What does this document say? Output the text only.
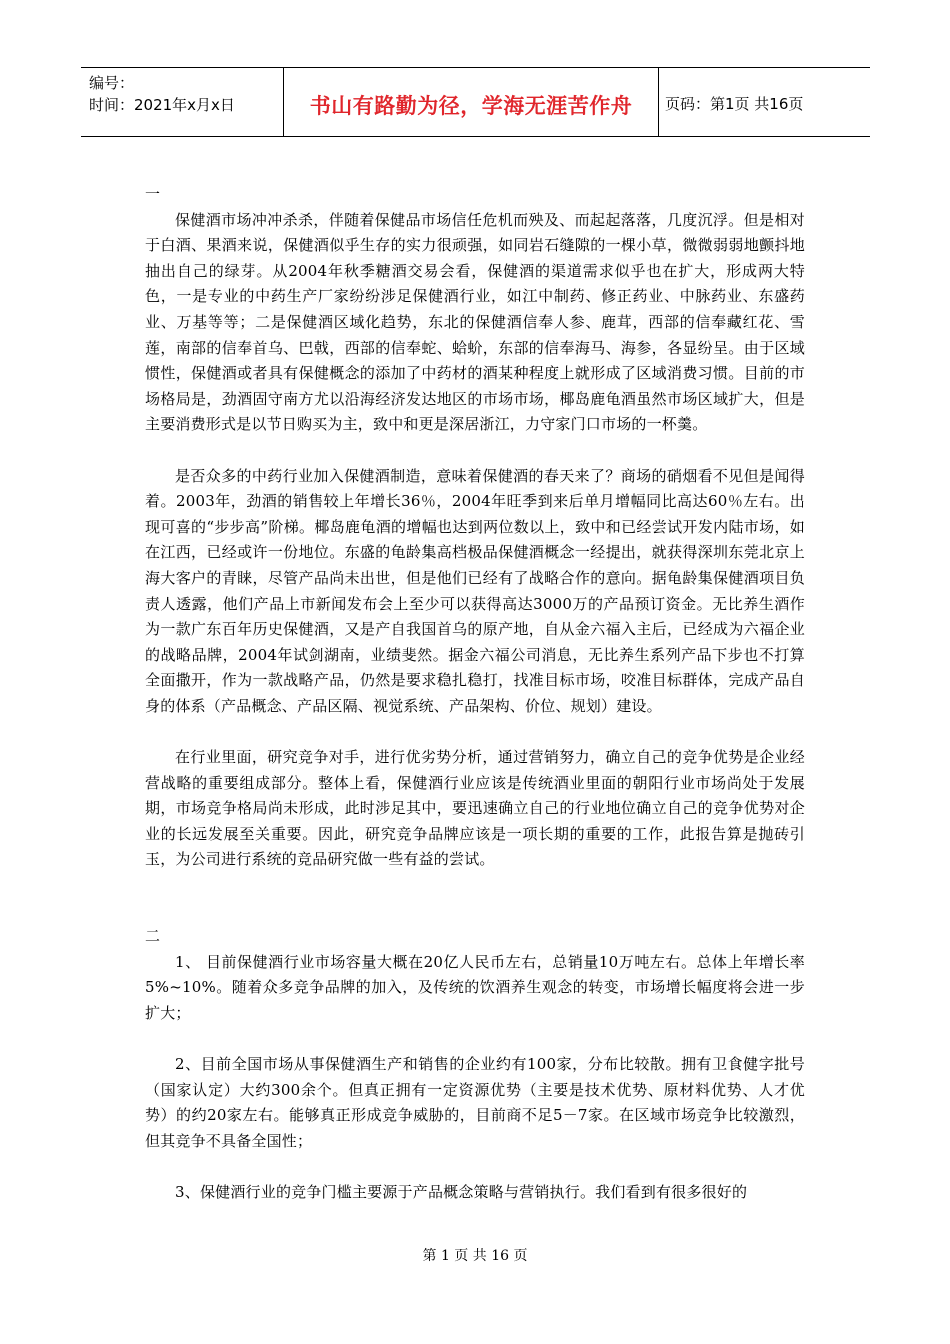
编号：
时间：2021年x月x日	书山有路勤为径，学海无涯苦作舟	页码：第1页 共16页
一

保健酒市场冲冲杀杀，伴随着保健品市场信任危机而殃及、而起起落落，几度沉浮。但是相对于白酒、果酒来说，保健酒似乎生存的实力很顽强，如同岩石缝隙的一棵小草，微微弱弱地颤抖地抽出自己的绿芽。从2004年秋季糖酒交易会看，保健酒的渠道需求似乎也在扩大，形成两大特色，一是专业的中药生产厂家纷纷涉足保健酒行业，如江中制药、修正药业、中脉药业、东盛药业、万基等等；二是保健酒区域化趋势，东北的保健酒信奉人参、鹿茸，西部的信奉藏红花、雪莲，南部的信奉首乌、巴戟，西部的信奉蛇、蛤蚧，东部的信奉海马、海参，各显纷呈。由于区域惯性，保健酒或者具有保健概念的添加了中药材的酒某种程度上就形成了区域消费习惯。目前的市场格局是，劲酒固守南方尤以沿海经济发达地区的市场市场，椰岛鹿龟酒虽然市场区域扩大，但是主要消费形式是以节日购买为主，致中和更是深居浙江，力守家门口市场的一杯羹。

是否众多的中药行业加入保健酒制造，意味着保健酒的春天来了？商场的硝烟看不见但是闻得着。2003年，劲酒的销售较上年增长36％，2004年旺季到来后单月增幅同比高达60％左右。出现可喜的“步步高”阶梯。椰岛鹿龟酒的增幅也达到两位数以上，致中和已经尝试开发内陆市场，如在江西，已经或许一份地位。东盛的龟龄集高档极品保健酒概念一经提出，就获得深圳东莞北京上海大客户的青睐，尽管产品尚未出世，但是他们已经有了战略合作的意向。据龟龄集保健酒项目负责人透露，他们产品上市新闻发布会上至少可以获得高达3000万的产品预订资金。无比养生酒作为一款广东百年历史保健酒，又是产自我国首乌的原产地，自从金六福入主后，已经成为六福企业的战略品牌，2004年试剑湖南，业绩斐然。据金六福公司消息，无比养生系列产品下步也不打算全面撒开，作为一款战略产品，仍然是要求稳扎稳打，找准目标市场，咬准目标群体，完成产品自身的体系（产品概念、产品区隔、视觉系统、产品架构、价位、规划）建设。

在行业里面，研究竞争对手，进行优劣势分析，通过营销努力，确立自己的竞争优势是企业经营战略的重要组成部分。整体上看，保健酒行业应该是传统酒业里面的朝阳行业市场尚处于发展期，市场竞争格局尚未形成，此时涉足其中，要迅速确立自己的行业地位确立自己的竞争优势对企业的长远发展至关重要。因此，研究竞争品牌应该是一项长期的重要的工作，此报告算是抛砖引玉，为公司进行系统的竞品研究做一些有益的尝试。

二

1、 目前保健酒行业市场容量大概在20亿人民币左右，总销量10万吨左右。总体上年增长率5%~10%。随着众多竞争品牌的加入，及传统的饮酒养生观念的转变，市场增长幅度将会进一步扩大；

2、目前全国市场从事保健酒生产和销售的企业约有100家，分布比较散。拥有卫食健字批号（国家认定）大约300余个。但真正拥有一定资源优势（主要是技术优势、原材料优势、人才优势）的约20家左右。能够真正形成竞争威胁的，目前商不足5－7家。在区域市场竞争比较激烈，但其竞争不具备全国性；

3、保健酒行业的竞争门槛主要源于产品概念策略与营销执行。我们看到有很多很好的

第 1 页 共 16 页
